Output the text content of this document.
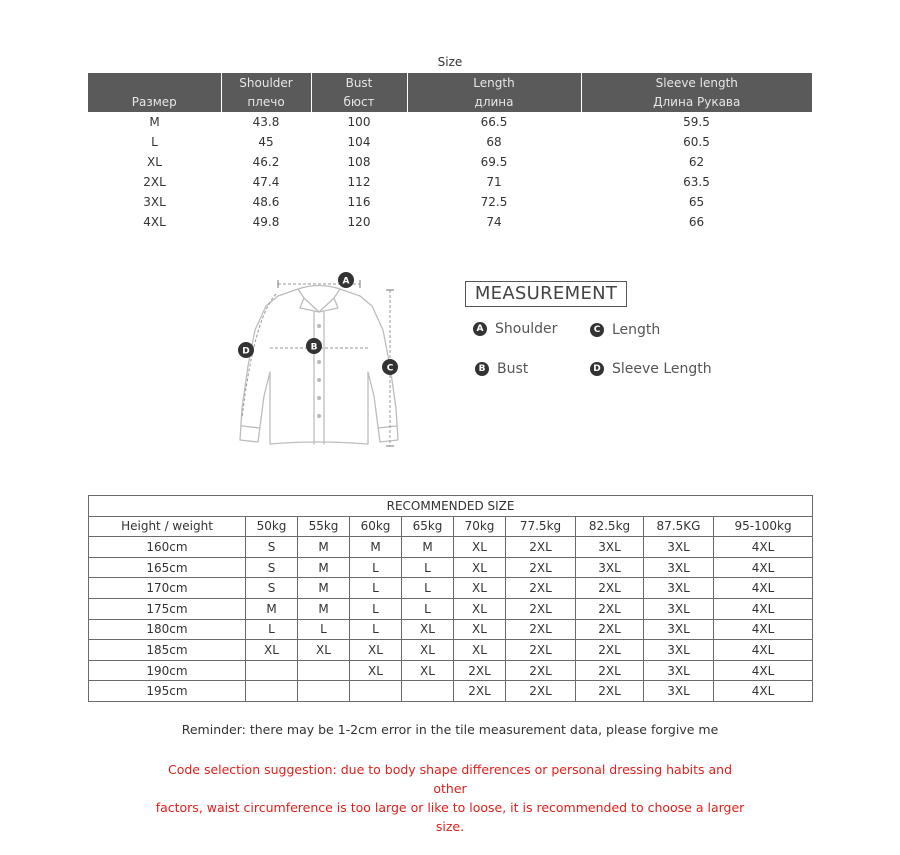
Size
	Shoulder	Bust	Length	Sleeve length
Размер	плечо	бюст	длина	Длина Рукава
M	43.8	100	66.5	59.5
L	45	104	68	60.5
XL	46.2	108	69.5	62
2XL	47.4	112	71	63.5
3XL	48.6	116	72.5	65
4XL	49.8	120	74	66
A
B
C
D
MEASUREMENT
A Shoulder	C Length
B Bust	D Sleeve Length
RECOMMENDED SIZE									
Height / weight	50kg	55kg	60kg	65kg	70kg	77.5kg	82.5kg	87.5KG	95-100kg
160cm	S	M	M	M	XL	2XL	3XL	3XL	4XL
165cm	S	M	L	L	XL	2XL	3XL	3XL	4XL
170cm	S	M	L	L	XL	2XL	2XL	3XL	4XL
175cm	M	M	L	L	XL	2XL	2XL	3XL	4XL
180cm	L	L	L	XL	XL	2XL	2XL	3XL	4XL
185cm	XL	XL	XL	XL	XL	2XL	2XL	3XL	4XL
190cm			XL	XL	2XL	2XL	2XL	3XL	4XL
195cm					2XL	2XL	2XL	3XL	4XL
Reminder: there may be 1-2cm error in the tile measurement data, please forgive me
Code selection suggestion: due to body shape differences or personal dressing habits and other
factors, waist circumference is too large or like to loose, it is recommended to choose a larger size.
